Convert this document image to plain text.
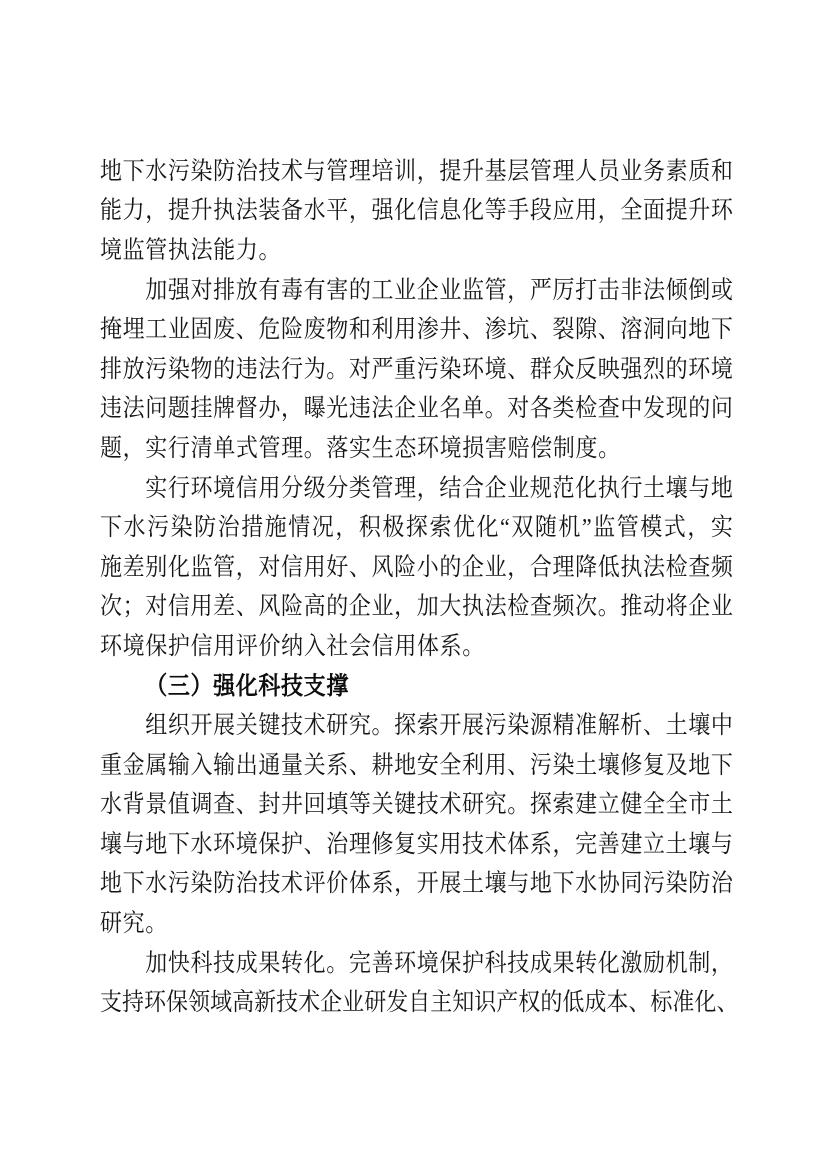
地 下 水 污 染 防 治 技 术 与 管 理 培 训 ， 提 升 基 层 管 理 人 员 业 务 素 质 和
能 力 ， 提 升 执 法 装 备 水 平 ， 强 化 信 息 化 等 手 段 应 用 ， 全 面 提 升 环
境 监 管 执 法 能 力 。
加 强 对 排 放 有 毒 有 害 的 工 业 企 业 监 管 ， 严 厉 打 击 非 法 倾 倒 或
掩 埋 工 业 固 废 、 危 险 废 物 和 利 用 渗 井 、 渗 坑 、 裂 隙 、 溶 洞 向 地 下
排 放 污 染 物 的 违 法 行 为 。 对 严 重 污 染 环 境 、 群 众 反 映 强 烈 的 环 境
违 法 问 题 挂 牌 督 办 ， 曝 光 违 法 企 业 名 单 。 对 各 类 检 查 中 发 现 的 问
题 ， 实 行 清 单 式 管 理 。 落 实 生 态 环 境 损 害 赔 偿 制 度 。
实 行 环 境 信 用 分 级 分 类 管 理 ， 结 合 企 业 规 范 化 执 行 土 壤 与 地
下 水 污 染 防 治 措 施 情 况 ， 积 极 探 索 优 化 “ 双 随 机 ” 监 管 模 式 ， 实
施 差 别 化 监 管 ， 对 信 用 好 、 风 险 小 的 企 业 ， 合 理 降 低 执 法 检 查 频
次 ； 对 信 用 差 、 风 险 高 的 企 业 ， 加 大 执 法 检 查 频 次 。 推 动 将 企 业
环 境 保 护 信 用 评 价 纳 入 社 会 信 用 体 系 。
（ 三 ） 强 化 科 技 支 撑
组 织 开 展 关 键 技 术 研 究 。 探 索 开 展 污 染 源 精 准 解 析 、 土 壤 中
重 金 属 输 入 输 出 通 量 关 系 、 耕 地 安 全 利 用 、 污 染 土 壤 修 复 及 地 下
水 背 景 值 调 查 、 封 井 回 填 等 关 键 技 术 研 究 。 探 索 建 立 健 全 全 市 土
壤 与 地 下 水 环 境 保 护 、 治 理 修 复 实 用 技 术 体 系 ， 完 善 建 立 土 壤 与
地 下 水 污 染 防 治 技 术 评 价 体 系 ， 开 展 土 壤 与 地 下 水 协 同 污 染 防 治
研 究 。
加 快 科 技 成 果 转 化 。 完 善 环 境 保 护 科 技 成 果 转 化 激 励 机 制 ，
支 持 环 保 领 域 高 新 技 术 企 业 研 发 自 主 知 识 产 权 的 低 成 本 、 标 准 化 、
